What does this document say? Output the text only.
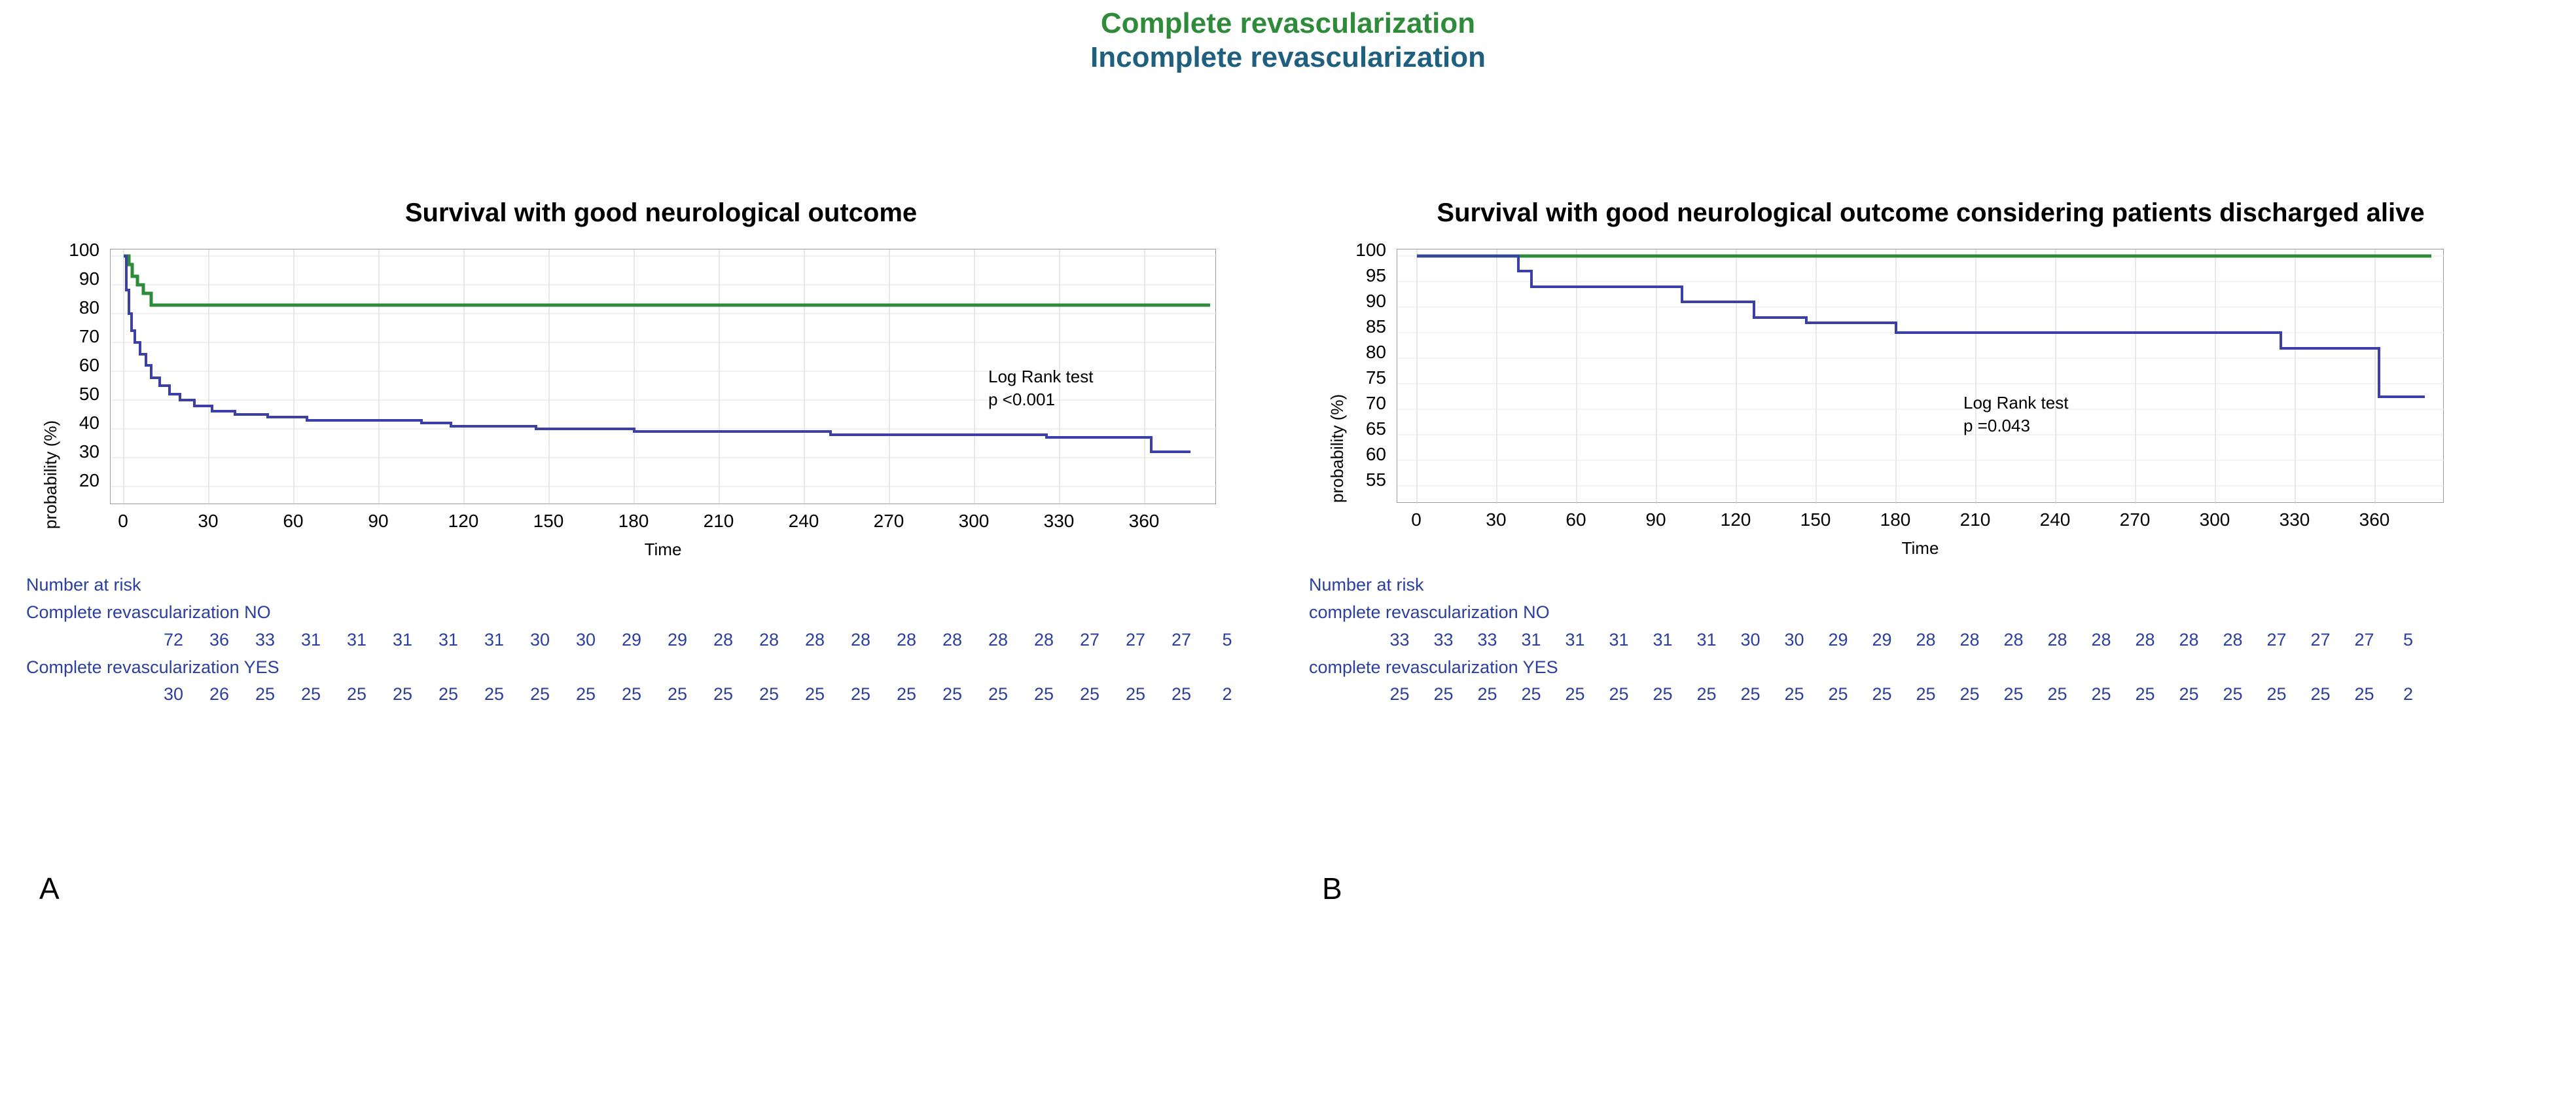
Complete revascularization
Incomplete revascularization
Survival with good neurological outcome
probability (%)
100
90
80
70
60
50
40
30
20
0	30	60	90	120	150	180	210	240	270	300	330	360
Time
Log Rank test
p <0.001
Number at risk
Complete revascularization NO
72	36	33	31	31	31	31	31	30	30	29	29	28	28	28	28	28	28	28	28	27	27	27	5
Complete revascularization YES
30	26	25	25	25	25	25	25	25	25	25	25	25	25	25	25	25	25	25	25	25	25	25	2
A
Survival with good neurological outcome considering patients discharged alive
probability (%)
100
95
90
85
80
75
70
65
60
55
0	30	60	90	120	150	180	210	240	270	300	330	360
Time
Log Rank test
p =0.043
Number at risk
complete revascularization NO
33	33	33	31	31	31	31	31	30	30	29	29	28	28	28	28	28	28	28	28	27	27	27	5
complete revascularization YES
25	25	25	25	25	25	25	25	25	25	25	25	25	25	25	25	25	25	25	25	25	25	25	2
B
